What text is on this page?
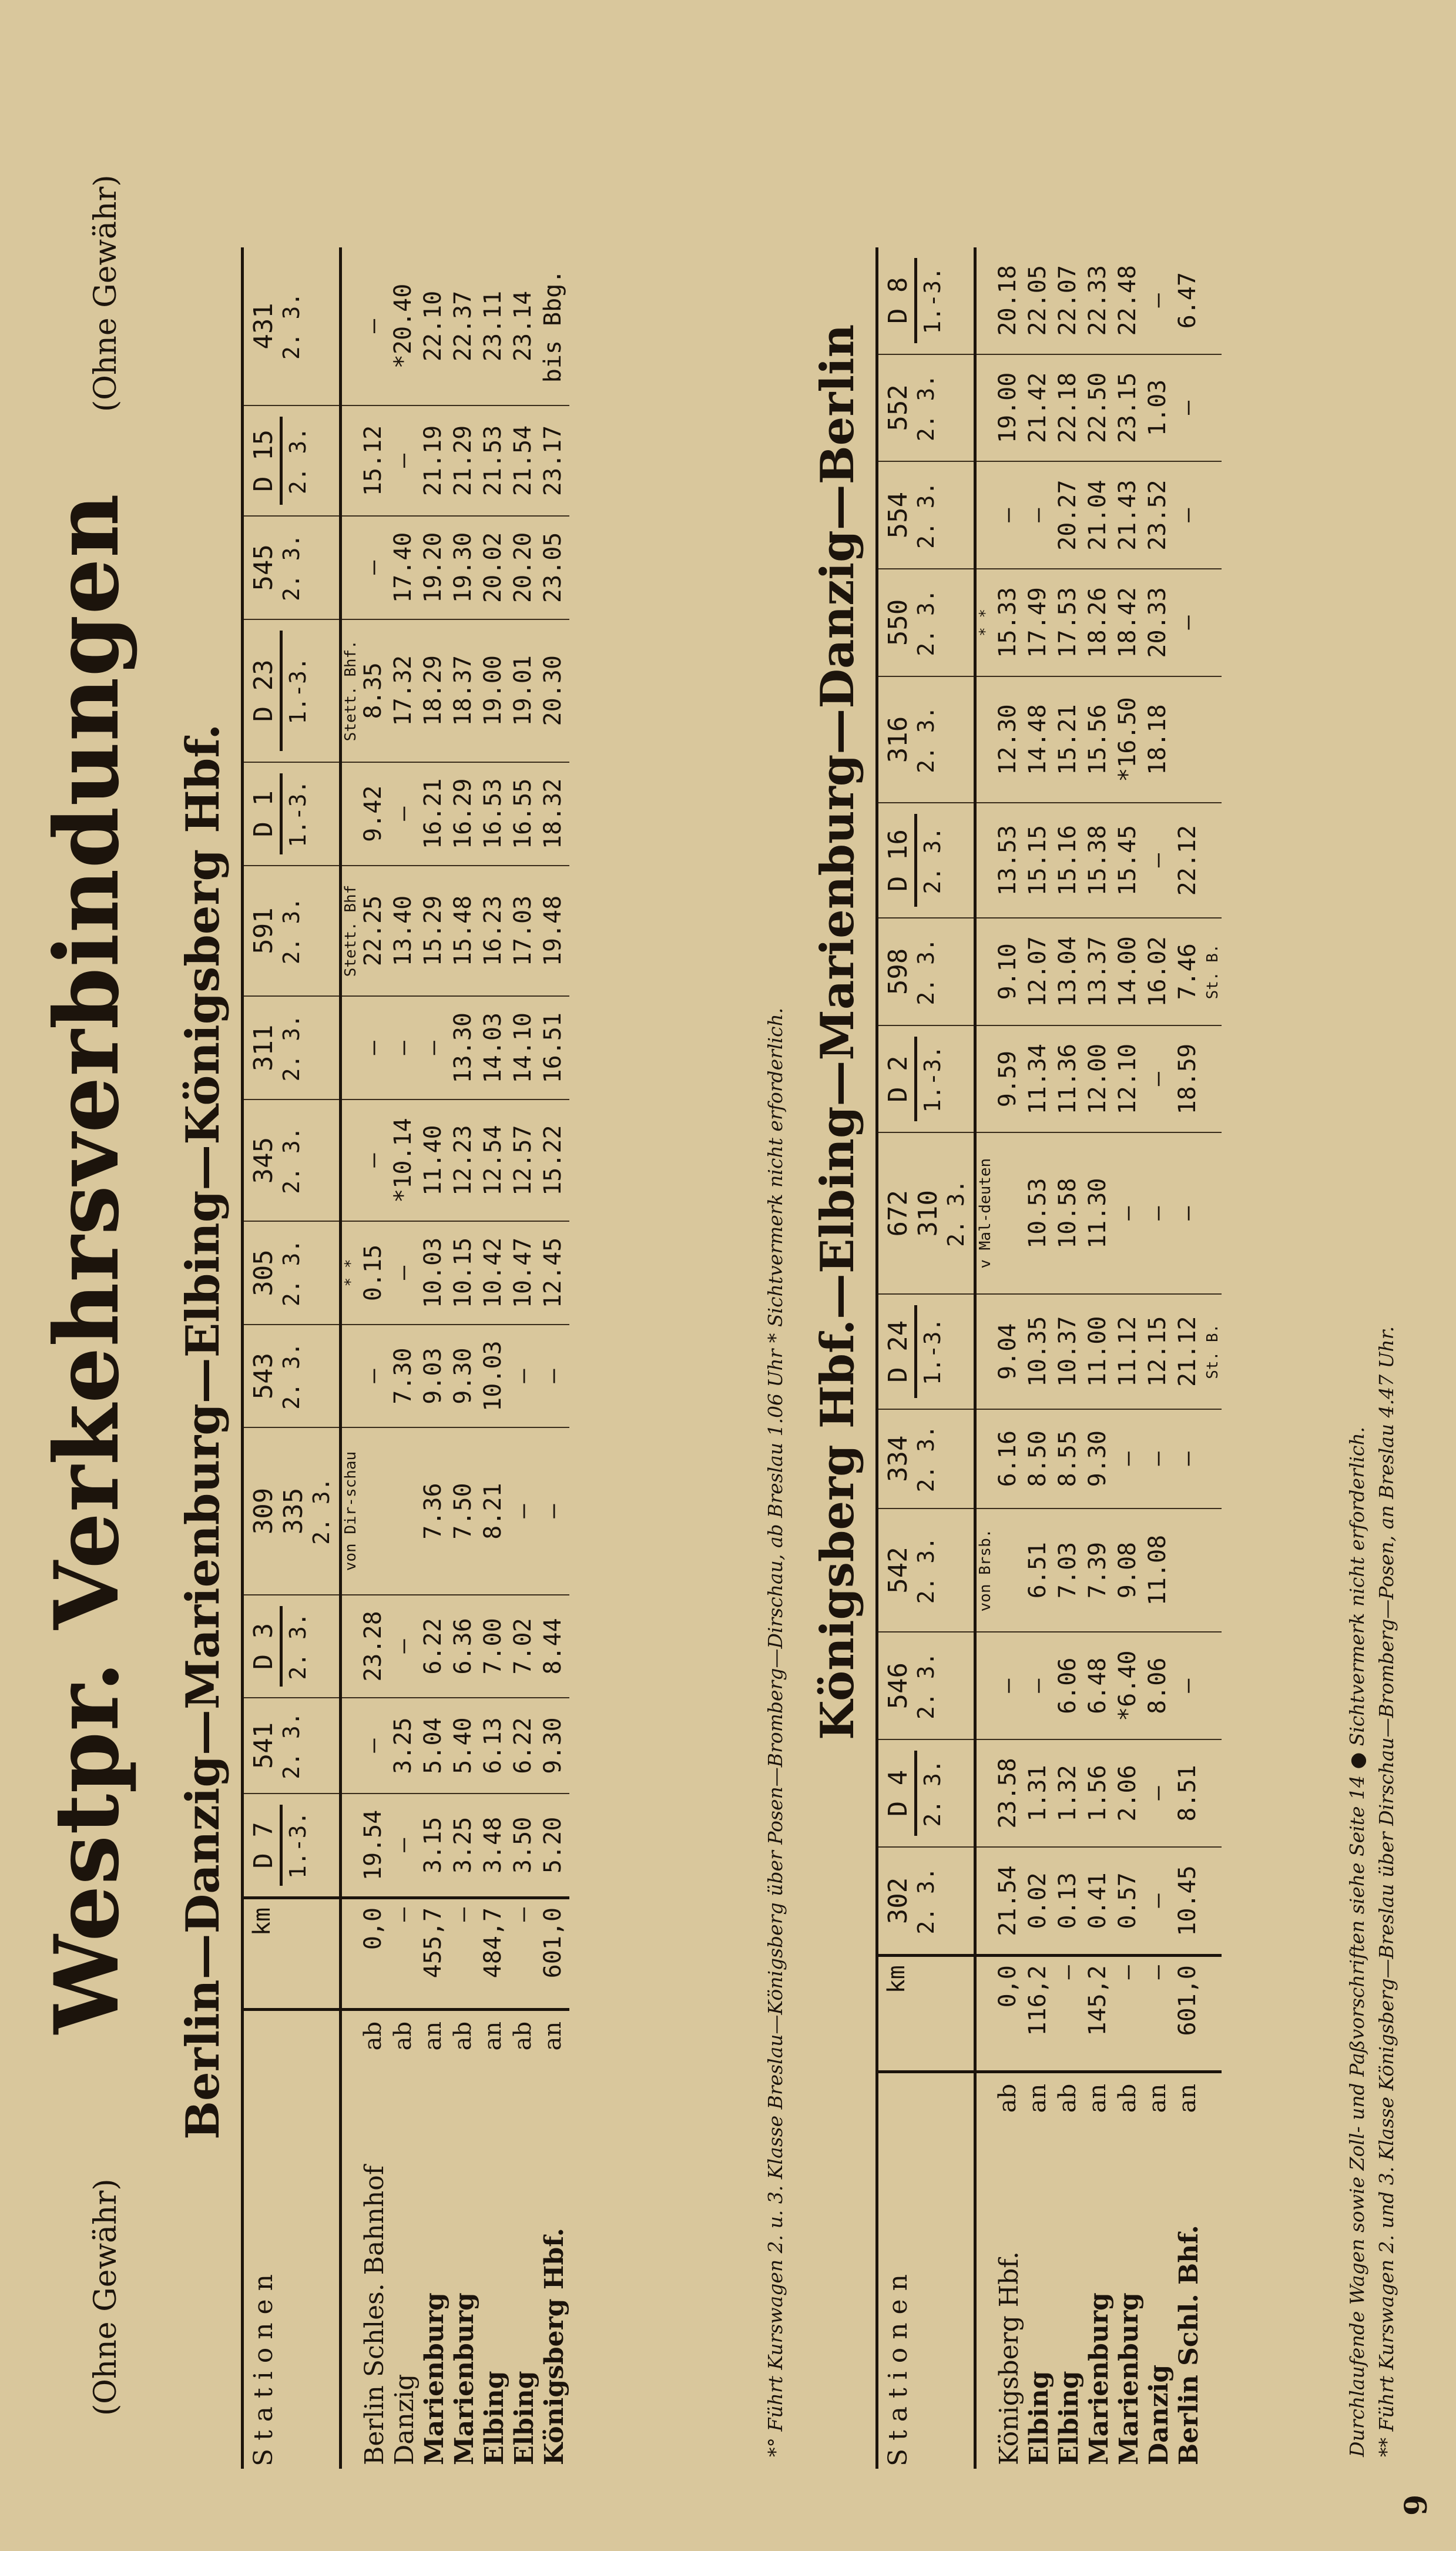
(Ohne Gewähr)
Westpr. Verkehrsverbindungen
(Ohne Gewähr)
Berlin—Danzig—Marienburg—Elbing—Königsberg Hbf.
S t a t i o n e n		km	D 7 1.-3.	541 2. 3.	D 3 2. 3.	309 335 2. 3.	543 2. 3.	305 2. 3.	345 2. 3.	311 2. 3.	591 2. 3.	D 1 1.-3.	D 23 1.-3.	545 2. 3.	D 15 2. 3.	431 2. 3.

						von Dir-schau		* *			Stett. Bhf		Stett. Bhf.			
Berlin Schles. Bahnhof	ab	0,0	19.54	—	23.28		—	0.15	—	—	22.25	9.42	8.35	—	15.12	—
Danzig	ab	—	—	3.25	—		7.30	—	*10.14	—	13.40	—	17.32	17.40	—	*20.40
Marienburg	an	455,7	3.15	5.04	6.22	7.36	9.03	10.03	11.40	—	15.29	16.21	18.29	19.20	21.19	22.10
Marienburg	ab	—	3.25	5.40	6.36	7.50	9.30	10.15	12.23	13.30	15.48	16.29	18.37	19.30	21.29	22.37
Elbing	an	484,7	3.48	6.13	7.00	8.21	10.03	10.42	12.54	14.03	16.23	16.53	19.00	20.02	21.53	23.11
Elbing	ab	—	3.50	6.22	7.02	—	—	10.47	12.57	14.10	17.03	16.55	19.01	20.20	21.54	23.14
Königsberg Hbf.	an	601,0	5.20	9.30	8.44	—	—	12.45	15.22	16.51	19.48	18.32	20.30	23.05	23.17	bis Bbg.
*° Führt Kurswagen 2. u. 3. Klasse Breslau—Königsberg über Posen—Bromberg—Dirschau, ab Breslau 1.06 Uhr * Sichtvermerk nicht erforderlich. Königsberg Hbf.—Elbing—Marienburg—Danzig—Berlin
S t a t i o n e n		km	302 2. 3.	D 4 2. 3.	546 2. 3.	542 2. 3.	334 2. 3.	D 24 1.-3.	672 310 2. 3.	D 2 1.-3.	598 2. 3.	D 16 2. 3.	316 2. 3.	550 2. 3.	554 2. 3.	552 2. 3.	D 8 1.-3.

						von Brsb.			v Mal-deuten					* *			
Königsberg Hbf.	ab	0,0	21.54	23.58	—		6.16	9.04		9.59	9.10	13.53	12.30	15.33	—	19.00	20.18
Elbing	an	116,2	0.02	1.31	—	6.51	8.50	10.35	10.53	11.34	12.07	15.15	14.48	17.49	—	21.42	22.05
Elbing	ab	—	0.13	1.32	6.06	7.03	8.55	10.37	10.58	11.36	13.04	15.16	15.21	17.53	20.27	22.18	22.07
Marienburg	an	145,2	0.41	1.56	6.48	7.39	9.30	11.00	11.30	12.00	13.37	15.38	15.56	18.26	21.04	22.50	22.33
Marienburg	ab	—	0.57	2.06	*6.40	9.08	—	11.12	—	12.10	14.00	15.45	*16.50	18.42	21.43	23.15	22.48
Danzig	an	—	—	—	8.06	11.08	—	12.15	—	—	16.02	—	18.18	20.33	23.52	1.03	—
Berlin Schl. Bhf.	an	601,0	10.45	8.51	—		—	21.12	—	18.59	7.46	22.12		—	—	—	6.47
								St. B.			St. B.						
Durchlaufende Wagen sowie Zoll- und Paßvorschriften siehe Seite 14 ● Sichtvermerk nicht erforderlich. ** Führt Kurswagen 2. und 3. Klasse Königsberg—Breslau über Dirschau—Bromberg—Posen, an Breslau 4.47 Uhr.
9
